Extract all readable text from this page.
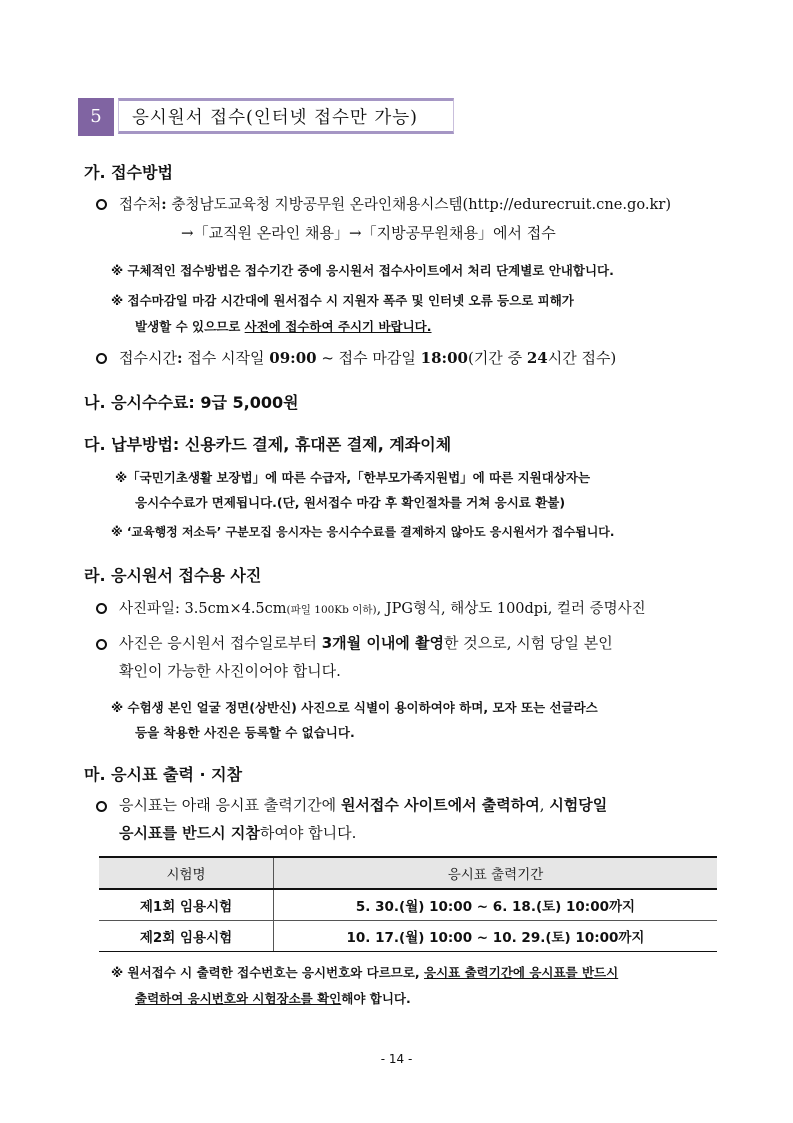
5	응시원서 접수(인터넷 접수만 가능)
가. 접수방법
접수처: 충청남도교육청 지방공무원 온라인채용시스템(http://edurecruit.cne.go.kr)
→「교직원 온라인 채용」→「지방공무원채용」에서 접수
※ 구체적인 접수방법은 접수기간 중에 응시원서 접수사이트에서 처리 단계별로 안내합니다.
※ 접수마감일 마감 시간대에 원서접수 시 지원자 폭주 및 인터넷 오류 등으로 피해가
발생할 수 있으므로 사전에 접수하여 주시기 바랍니다.
접수시간: 접수 시작일 09:00 ~ 접수 마감일 18:00(기간 중 24시간 접수)
나. 응시수수료: 9급 5,000원
다. 납부방법: 신용카드 결제, 휴대폰 결제, 계좌이체
※「국민기초생활 보장법」에 따른 수급자,「한부모가족지원법」에 따른 지원대상자는
응시수수료가 면제됩니다.(단, 원서접수 마감 후 확인절차를 거쳐 응시료 환불)
※ ‘교육행정 저소득’ 구분모집 응시자는 응시수수료를 결제하지 않아도 응시원서가 접수됩니다.
라. 응시원서 접수용 사진
사진파일: 3.5cm×4.5cm(파일 100Kb 이하), JPG형식, 해상도 100dpi, 컬러 증명사진
사진은 응시원서 접수일로부터 3개월 이내에 촬영한 것으로, 시험 당일 본인
확인이 가능한 사진이어야 합니다.
※ 수험생 본인 얼굴 정면(상반신) 사진으로 식별이 용이하여야 하며, 모자 또는 선글라스
등을 착용한 사진은 등록할 수 없습니다.
마. 응시표 출력 · 지참
응시표는 아래 응시표 출력기간에 원서접수 사이트에서 출력하여, 시험당일
응시표를 반드시 지참하여야 합니다.
시험명	응시표 출력기간
제1회 임용시험	5. 30.(월) 10:00 ~ 6. 18.(토) 10:00까지
제2회 임용시험	10. 17.(월) 10:00 ~ 10. 29.(토) 10:00까지
※ 원서접수 시 출력한 접수번호는 응시번호와 다르므로, 응시표 출력기간에 응시표를 반드시
출력하여 응시번호와 시험장소를 확인해야 합니다.
- 14 -
